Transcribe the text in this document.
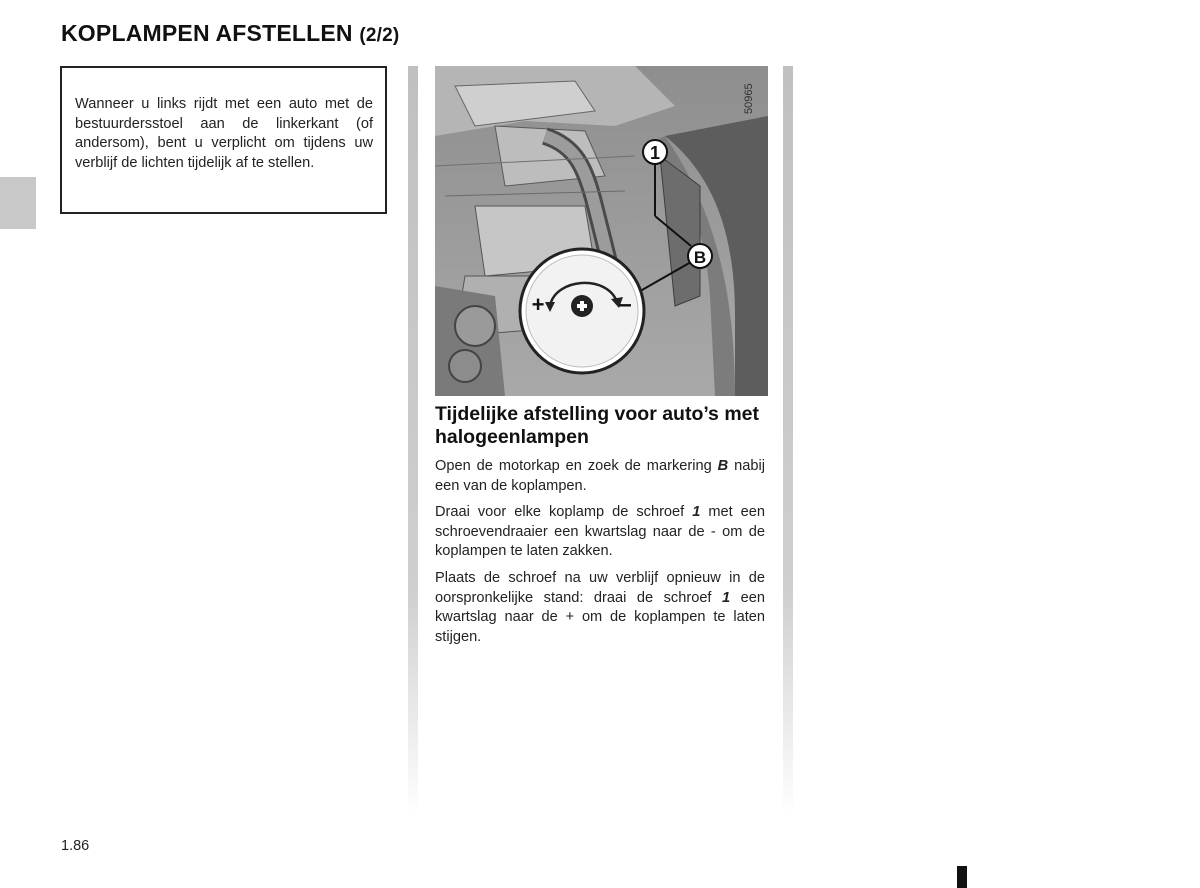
KOPLAMPEN AFSTELLEN (2/2)
Wanneer u links rijdt met een auto met de bestuurdersstoel aan de linkerkant (of andersom), bent u verplicht om tijdens uw verblijf de lichten tijdelijk af te stellen.	1
B
+	–
50965
Tijdelijke afstelling voor auto’s met halogeenlampen
Open de motorkap en zoek de markering B nabij een van de koplampen.
Draai voor elke koplamp de schroef 1 met een schroevendraaier een kwartslag naar de - om de koplampen te laten zakken.
Plaats de schroef na uw verblijf opnieuw in de oorspronkelijke stand: draai de schroef 1 een kwartslag naar de + om de koplampen te laten stijgen.
1.86
